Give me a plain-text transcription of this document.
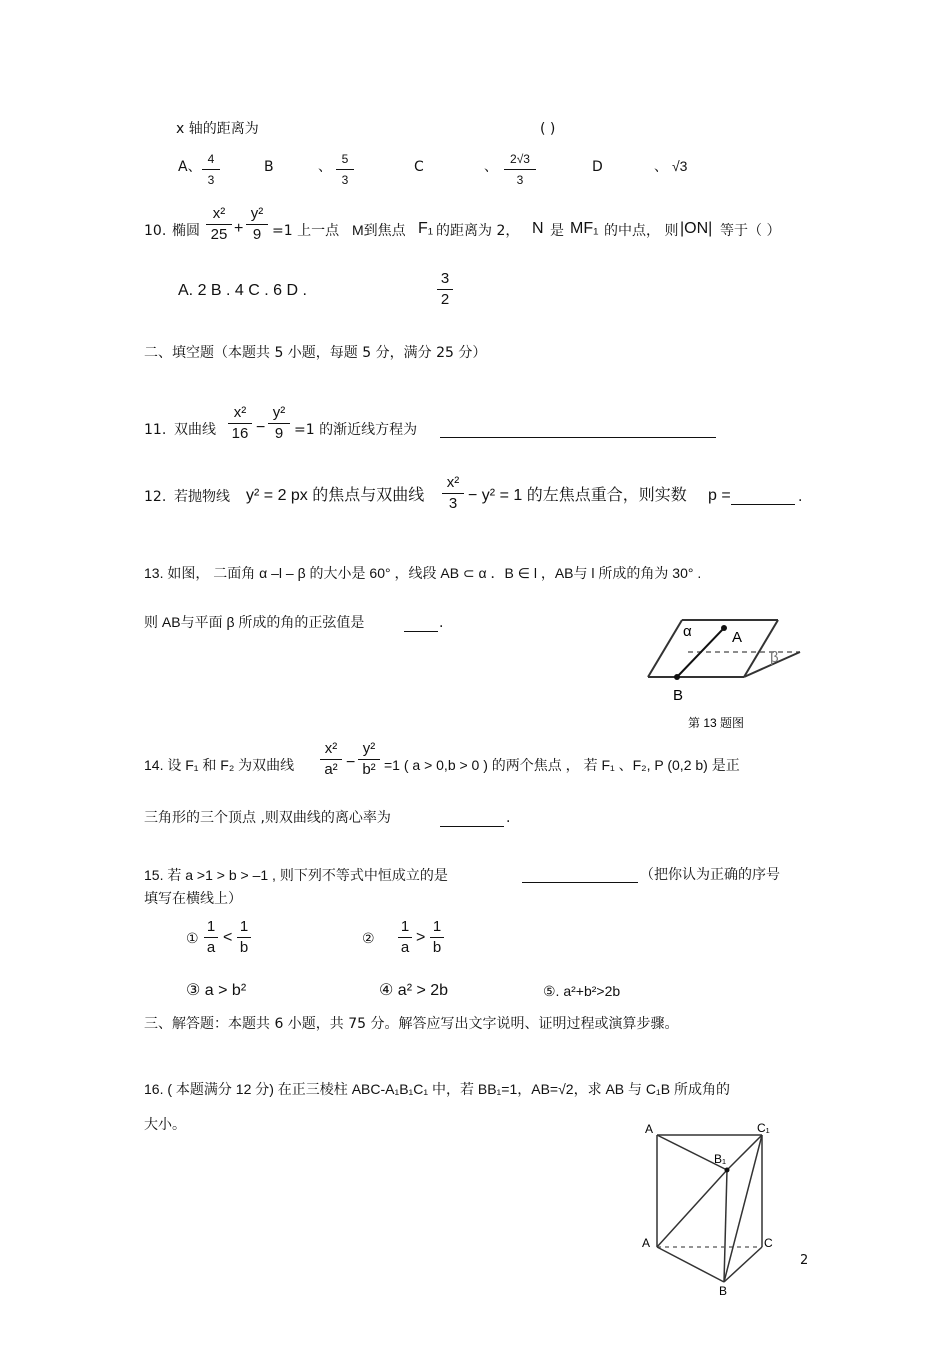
x 轴的距离为	( )
A、 4
3
B	、 5
3
C	、	2√3
3
D	、 √3
10. 椭圆
x²
25 +
y²
9 =1 上一点 M到焦点 F₁ 的距离为 2， N 是 MF₁ 的中点， 则 |ON| 等于（ ）
A. 2 B . 4 C . 6 D .
3
2
二、填空题（本题共 5 小题，每题 5 分，满分 25 分）
11. 双曲线
x²
16 −
y²
9 =1 的渐近线方程为
12. 若抛物线 y² = 2 px 的焦点与双曲线
x²
3 − y² = 1 的左焦点重合，则实数 p =	.
13. 如图， 二面角 α –l – β 的大小是 60° ，线段 AB ⊂ α ．B ∈ l ，AB与 l 所成的角为 30° .
则 AB与平面 β 所成的角的正弦值是	.	α	A
β
B
第 13 题图
14. 设 F₁ 和 F₂ 为双曲线
x²
a² −
y²
b² =1 ( a > 0,b > 0 ) 的两个焦点 ， 若 F₁ 、F₂, P (0,2 b) 是正
三角形的三个顶点 ,则双曲线的离心率为	.
15. 若 a >1 > b > –1 , 则下列不等式中恒成立的是	（把你认为正确的序号
填写在横线上）
①
1
a
<
1
b	②
1
a
>
1
b
③ a > b²	④ a² > 2b	⑤. a²+b²>2b
三、解答题：本题共 6 小题，共 75 分。解答应写出文字说明、证明过程或演算步骤。
16. ( 本题满分 12 分) 在正三棱柱 ABC-A₁B₁C₁ 中，若 BB₁=1，AB=√2，求 AB 与 C₁B 所成角的
大小。	A	C₁
B₁
A	C
B
2
